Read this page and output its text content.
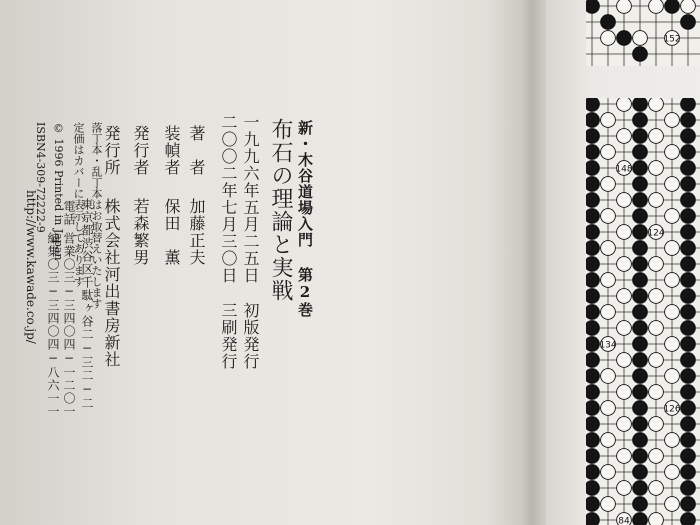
新・木谷道場入門 第2巻
布石の理論と実戦
一九九六年五月二五日初版発行
二〇〇二年七月三〇日三刷発行
著　者
加藤正夫
装幀者
保田　薫
発行者
若森繁男
発行所
株式会社河出書房新社
東京都渋谷区千駄ヶ谷二−三二−二
電話
営業〇三−三四〇四−一二〇一
編集〇三−三四〇四−八六一一
http://www.kawade.co.jp/	落丁本・乱丁本はお取替えいたします
定価はカバーに表示してあります
© 1996 Printed in Japan
ISBN4-309-72222-9
152
148
124
134
126
84
